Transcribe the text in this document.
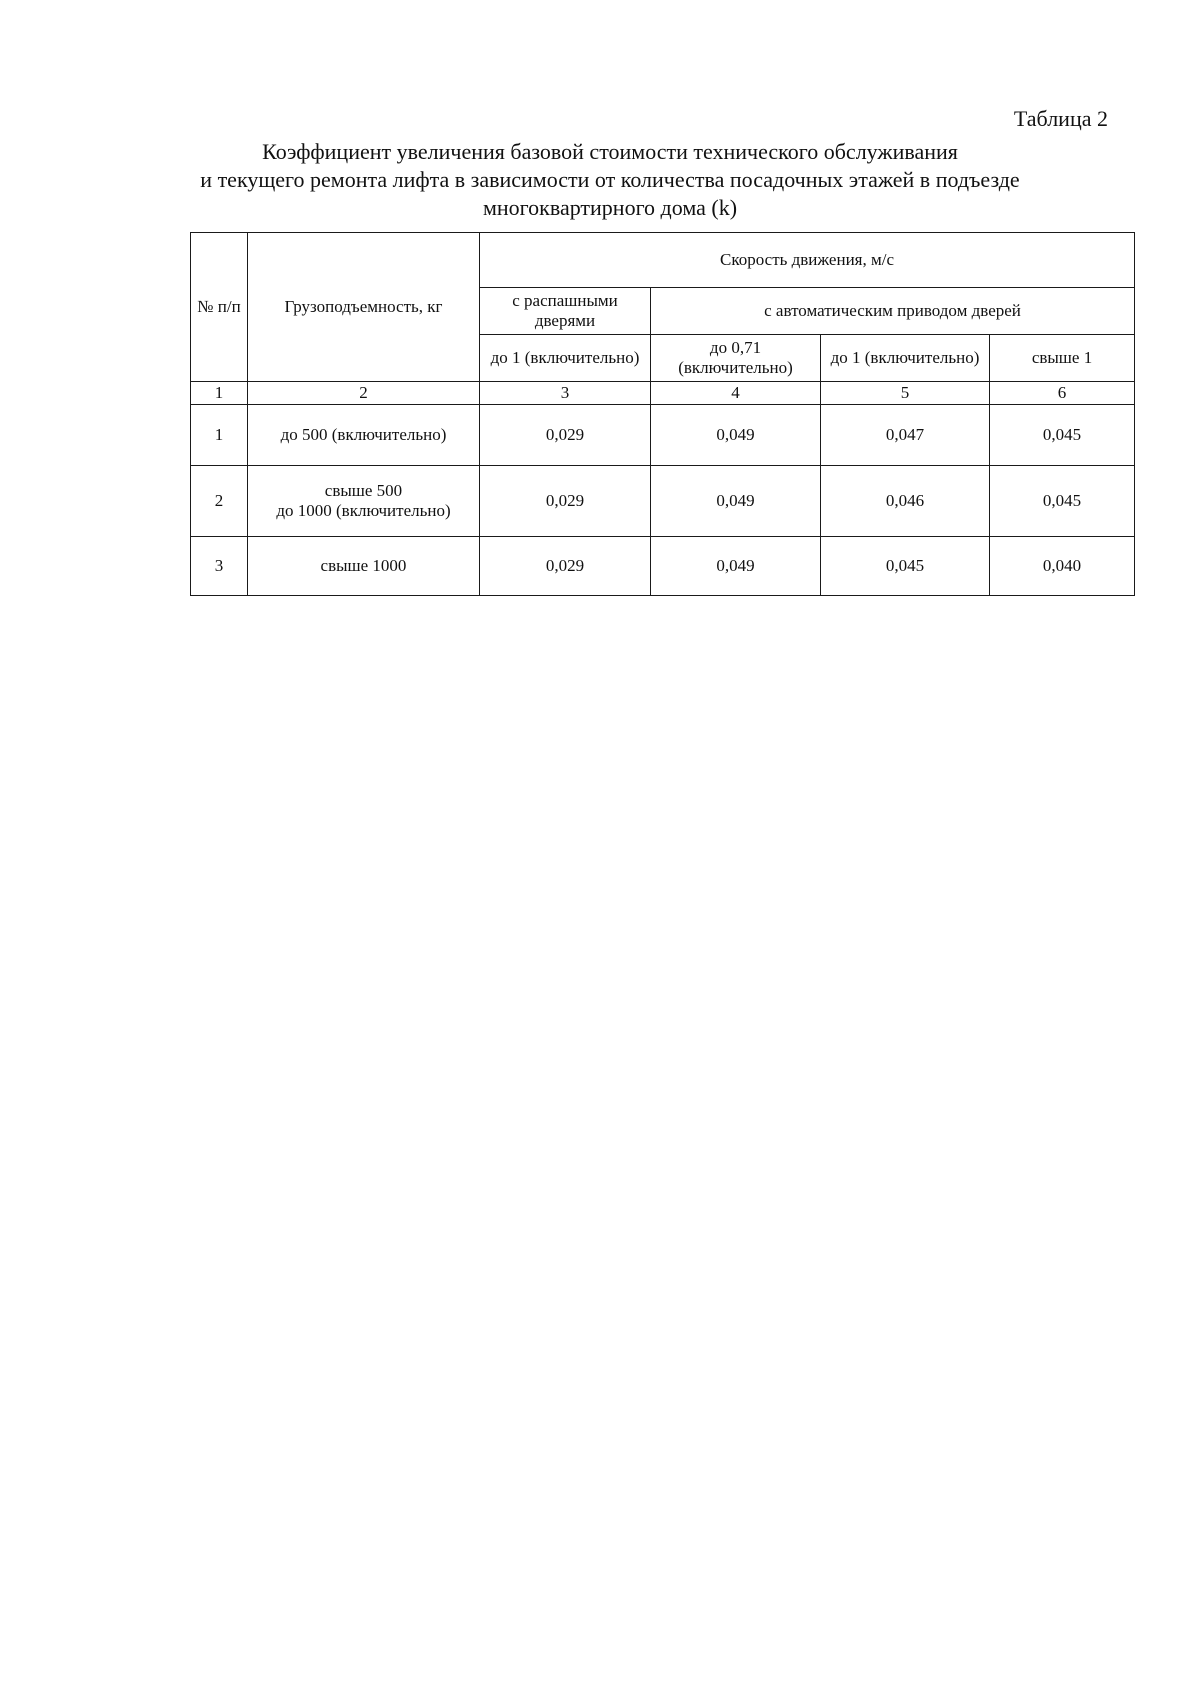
Таблица 2
Коэффициент увеличения базовой стоимости технического обслуживания
и текущего ремонта лифта в зависимости от количества посадочных этажей в подъезде
многоквартирного дома (k)
№ п/п	Грузоподъемность, кг	Скорость движения, м/с			
		с распашными дверями	с автоматическим приводом дверей		
		до 1 (включительно)	до 0,71 (включительно)	до 1 (включительно)	свыше 1
1	2	3	4	5	6
1	до 500 (включительно)	0,029	0,049	0,047	0,045
2	свыше 500
до 1000 (включительно)	0,029	0,049	0,046	0,045
3	свыше 1000	0,029	0,049	0,045	0,040
